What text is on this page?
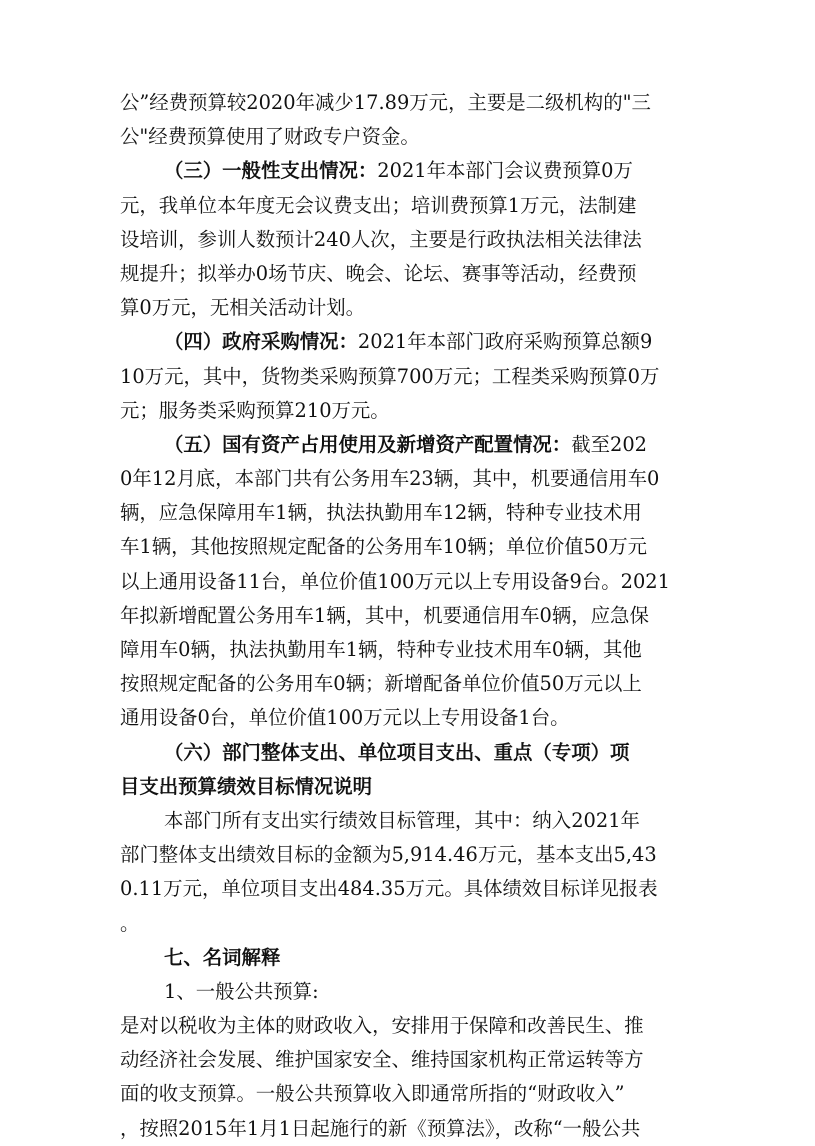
公”经费预算较2020年减少17.89万元，主要是二级机构的"三
公"经费预算使用了财政专户资金。
（三）一般性支出情况：2021年本部门会议费预算0万
元，我单位本年度无会议费支出；培训费预算1万元，法制建
设培训，参训人数预计240人次，主要是行政执法相关法律法
规提升；拟举办0场节庆、晚会、论坛、赛事等活动，经费预
算0万元，无相关活动计划。
（四）政府采购情况：2021年本部门政府采购预算总额9
10万元，其中，货物类采购预算700万元；工程类采购预算0万
元；服务类采购预算210万元。
（五）国有资产占用使用及新增资产配置情况：截至202
0年12月底，本部门共有公务用车23辆，其中，机要通信用车0
辆，应急保障用车1辆，执法执勤用车12辆，特种专业技术用
车1辆，其他按照规定配备的公务用车10辆；单位价值50万元
以上通用设备11台，单位价值100万元以上专用设备9台。2021
年拟新增配置公务用车1辆，其中，机要通信用车0辆，应急保
障用车0辆，执法执勤用车1辆，特种专业技术用车0辆，其他
按照规定配备的公务用车0辆；新增配备单位价值50万元以上
通用设备0台，单位价值100万元以上专用设备1台。
（六）部门整体支出、单位项目支出、重点（专项）项
目支出预算绩效目标情况说明
本部门所有支出实行绩效目标管理，其中：纳入2021年
部门整体支出绩效目标的金额为5,914.46万元，基本支出5,43
0.11万元，单位项目支出484.35万元。具体绩效目标详见报表
。
七、名词解释
1、一般公共预算:
是对以税收为主体的财政收入，安排用于保障和改善民生、推
动经济社会发展、维护国家安全、维持国家机构正常运转等方
面的收支预算。一般公共预算收入即通常所指的“财政收入”
，按照2015年1月1日起施行的新《预算法》，改称“一般公共
